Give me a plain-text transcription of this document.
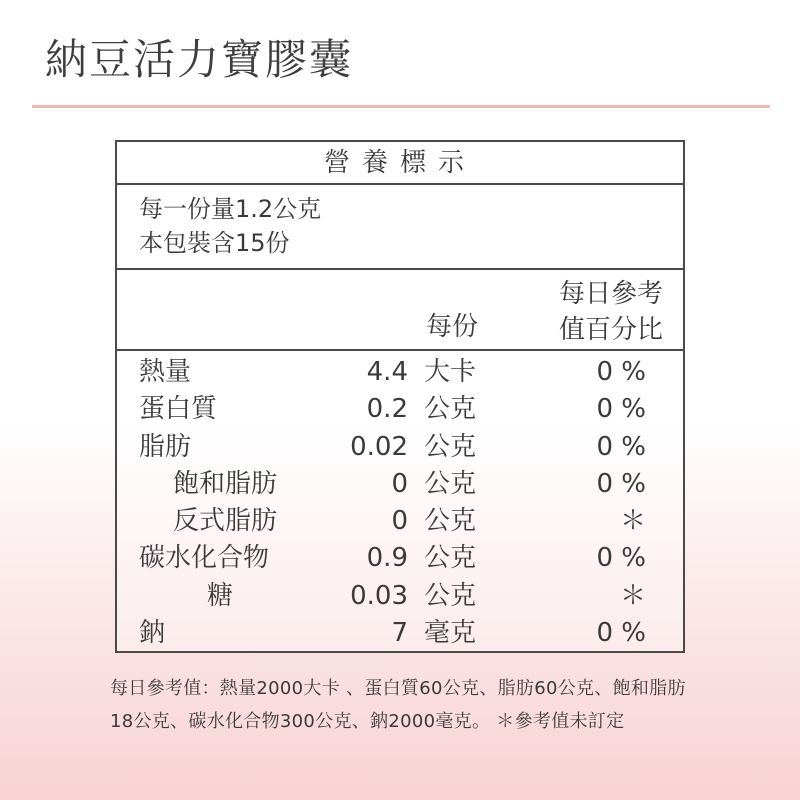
納豆活力寶膠囊
營養標示
每一份量1.2公克
本包裝含15份
每份
每日參考
值百分比
熱量	4.4 大卡	0 %
蛋白質	0.2 公克	0 %
脂肪	0.02 公克	0 %
飽和脂肪	0 公克	0 %
反式脂肪	0 公克	＊
碳水化合物	0.9 公克	0 %
糖	0.03 公克	＊
鈉	7 毫克	0 %
每日參考值：熱量2000大卡 、蛋白質60公克、脂肪60公克、飽和脂肪18公克、碳水化合物300公克、鈉2000毫克。 ＊參考值未訂定
